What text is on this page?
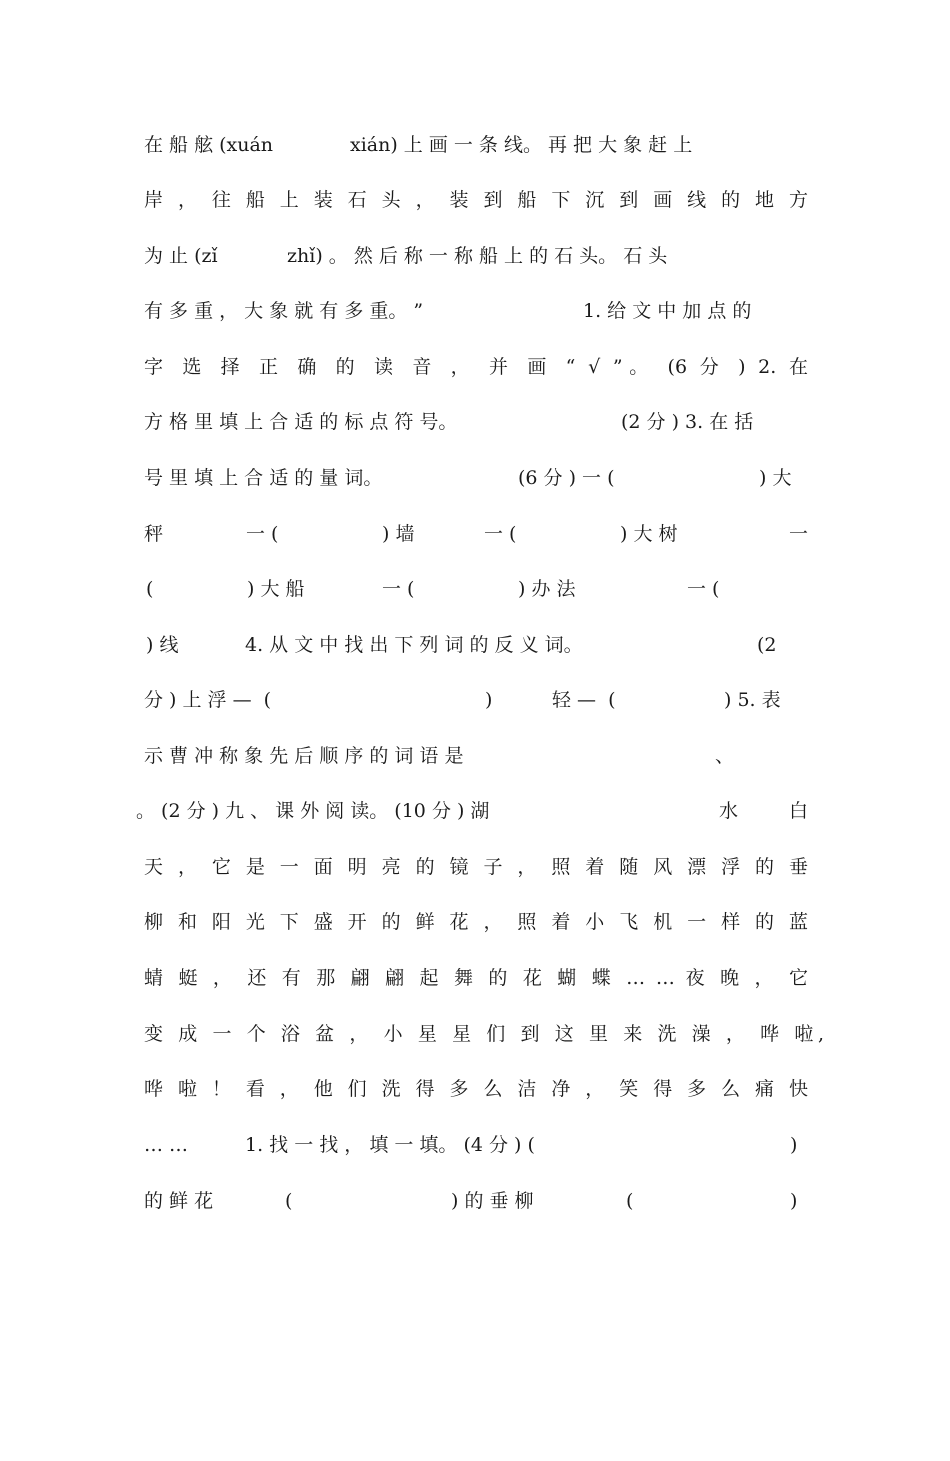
在 船 舷 (xuán

	xián) 上 画 一 条 线。 再 把 大 象 赶 上

岸 ， 往 船 上 装 石 头 ， 装 到 船 下 沉 到 画 线 的 地 方

为 止 (zǐ

	zhǐ) 。 然 后 称 一 称 船 上 的 石 头。 石 头

有 多 重 ， 大 象 就 有 多 重。 ”

	1. 给 文 中 加 点 的

字 选 择 正 确 的 读 音 ， 并 画 “ √ ”。 (6 分 ) 2. 在

方 格 里 填 上 合 适 的 标 点 符 号。

	(2 分 ) 3. 在 括

号 里 填 上 合 适 的 量 词。

	(6 分 ) 一 (

	) 大

秤

	一 (

	) 墙

	一 (

	) 大 树

	一

(

	) 大 船

	一 (

	) 办 法

	一 (

) 线

	4. 从 文 中 找 出 下 列 词 的 反 义 词。

	(2

分 ) 上 浮 —  (

	)

	轻 —  (

	) 5. 表

示 曹 冲 称 象 先 后 顺 序 的 词 语 是

	、

。 (2 分 ) 九 、 课 外 阅 读。 (10 分 ) 湖

	水

	白

天 ， 它 是 一 面 明 亮 的 镜 子 ， 照 着 随 风 漂 浮 的 垂

柳 和 阳 光 下 盛 开 的 鲜 花 ， 照 着 小 飞 机 一 样 的 蓝

蜻 蜓 ， 还 有 那 翩 翩 起 舞 的 花 蝴 蝶 … … 夜 晚 ， 它

变 成 一 个 浴 盆 ， 小 星 星 们 到 这 里 来 洗 澡 ， 哗 啦,

哗 啦 ！ 看 ， 他 们 洗 得 多 么 洁 净 ， 笑 得 多 么 痛 快

… …

	1. 找 一 找 ， 填 一 填。 (4 分 ) (

	)

的 鲜 花

	(

	) 的 垂 柳

	(

	)
